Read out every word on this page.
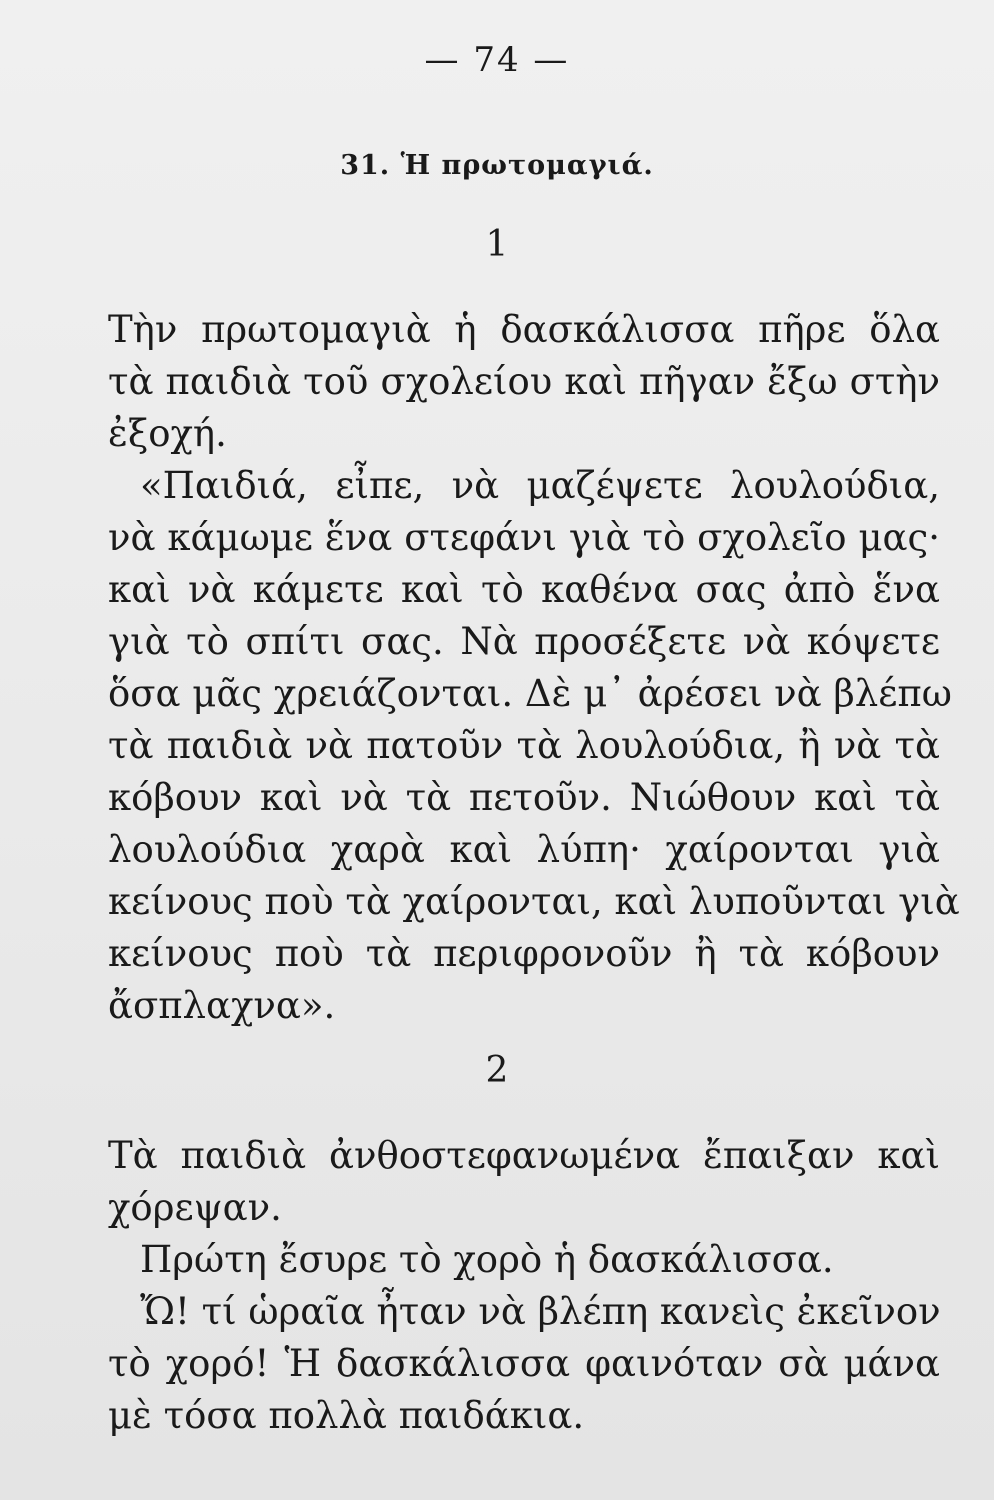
— 74 —
31. Ἡ πρωτομαγιά.
1
Τὴν πρωτομαγιὰ ἡ δασκάλισσα πῆρε ὅλα
τὰ παιδιὰ τοῦ σχολείου καὶ πῆγαν ἔξω στὴν
ἐξοχή.
«Παιδιά, εἶπε, νὰ μαζέψετε λουλούδια,
νὰ κάμωμε ἕνα στεφάνι γιὰ τὸ σχολεῖο μας·
καὶ νὰ κάμετε καὶ τὸ καθένα σας ἀπὸ ἕνα
γιὰ τὸ σπίτι σας. Νὰ προσέξετε νὰ κόψετε
ὅσα μᾶς χρειάζονται. Δὲ μ᾽ ἀρέσει νὰ βλέπω
τὰ παιδιὰ νὰ πατοῦν τὰ λουλούδια, ἢ νὰ τὰ
κόβουν καὶ νὰ τὰ πετοῦν. Νιώθουν καὶ τὰ
λουλούδια χαρὰ καὶ λύπη· χαίρονται γιὰ
κείνους ποὺ τὰ χαίρονται, καὶ λυποῦνται γιὰ
κείνους ποὺ τὰ περιφρονοῦν ἢ τὰ κόβουν
ἄσπλαχνα».
2
Τὰ παιδιὰ ἀνθοστεφανωμένα ἔπαιξαν καὶ
χόρεψαν.
Πρώτη ἔσυρε τὸ χορὸ ἡ δασκάλισσα.
Ὤ! τί ὡραῖα ἦταν νὰ βλέπη κανεὶς ἐκεῖνον
τὸ χορό! Ἡ δασκάλισσα φαινόταν σὰ μάνα
μὲ τόσα πολλὰ παιδάκια.
